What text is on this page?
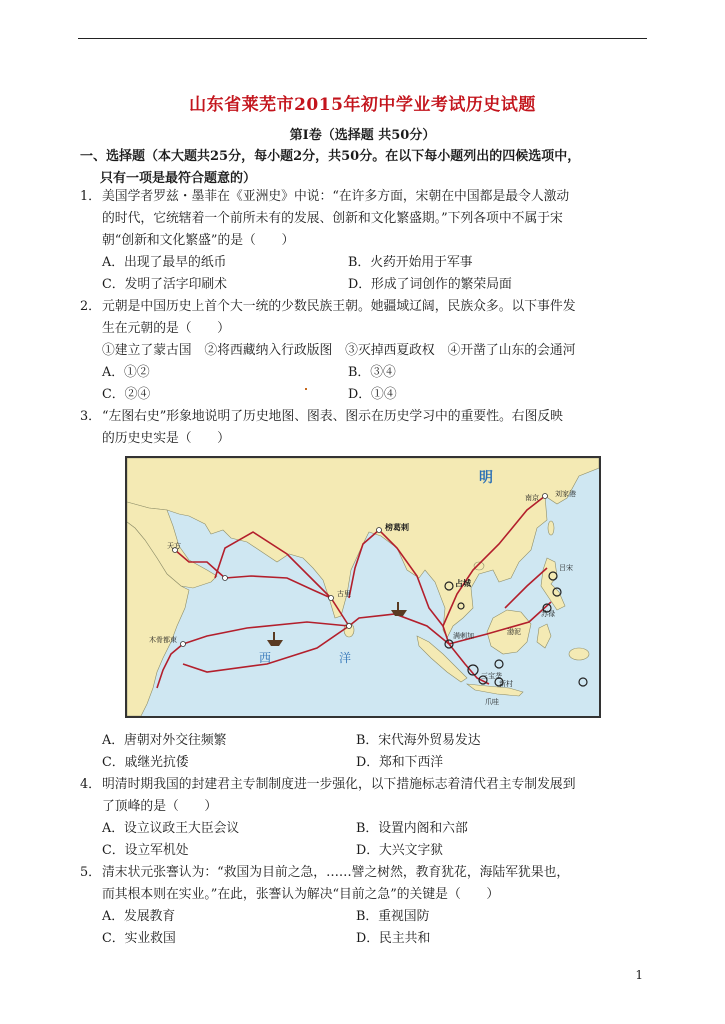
山东省莱芜市2015年初中学业考试历史试题
第Ⅰ卷（选择题 共50分）
一、选择题（本大题共25分，每小题2分，共50分。在以下每小题列出的四候选项中，
只有一项是最符合题意的）
1．美国学者罗兹・墨菲在《亚洲史》中说：“在许多方面，宋朝在中国都是最令人激动
的时代，它统辖着一个前所未有的发展、创新和文化繁盛期。”下列各项中不属于宋
朝“创新和文化繁盛”的是（　　）
A．出现了最早的纸币	B．火药开始用于军事
C．发明了活字印刷术	D．形成了词创作的繁荣局面
2．元朝是中国历史上首个大一统的少数民族王朝。她疆域辽阔，民族众多。以下事件发
生在元朝的是（　　）
①建立了蒙古国　②将西藏纳入行政版图　③灭掉西夏政权　④开凿了山东的会通河
A．①②	B．③④
C．②④	D．①④
3．“左图右史”形象地说明了历史地图、图表、图示在历史学习中的重要性。右图反映
的历史史实是（　　）
明
南京 刘家港
榜葛剌
天方
古里
木骨都束
占城
满剌加
三宝垄
新村
爪哇
吕宋
苏禄
渤泥
西	洋
A．唐朝对外交往频繁	B．宋代海外贸易发达
C．戚继光抗倭	D．郑和下西洋
4．明清时期我国的封建君主专制制度进一步强化，以下措施标志着清代君主专制发展到
了顶峰的是（　　）
A．设立议政王大臣会议	B．设置内阁和六部
C．设立军机处	D．大兴文字狱
5．清末状元张謇认为：“救国为目前之急，……譬之树然，教育犹花，海陆军犹果也，
而其根本则在实业。”在此，张謇认为解决“目前之急”的关键是（　　）
A．发展教育	B．重视国防
C．实业救国	D．民主共和
1
